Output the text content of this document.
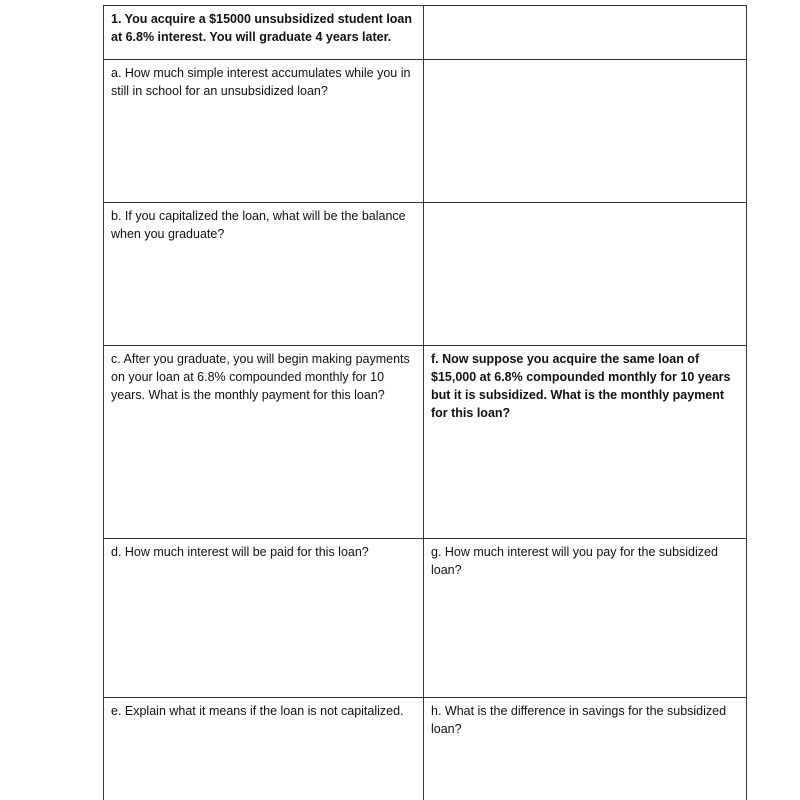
1. You acquire a $15000 unsubsidized student loan at 6.8% interest. You will graduate 4 years later.	
a. How much simple interest accumulates while you in still in school for an unsubsidized loan?	
b. If you capitalized the loan, what will be the balance when you graduate?	
c. After you graduate, you will begin making payments on your loan at 6.8% compounded monthly for 10 years. What is the monthly payment for this loan?	f. Now suppose you acquire the same loan of $15,000 at 6.8% compounded monthly for 10 years but it is subsidized. What is the monthly payment for this loan?
d. How much interest will be paid for this loan?	g. How much interest will you pay for the subsidized loan?
e. Explain what it means if the loan is not capitalized.	h. What is the difference in savings for the subsidized loan?
